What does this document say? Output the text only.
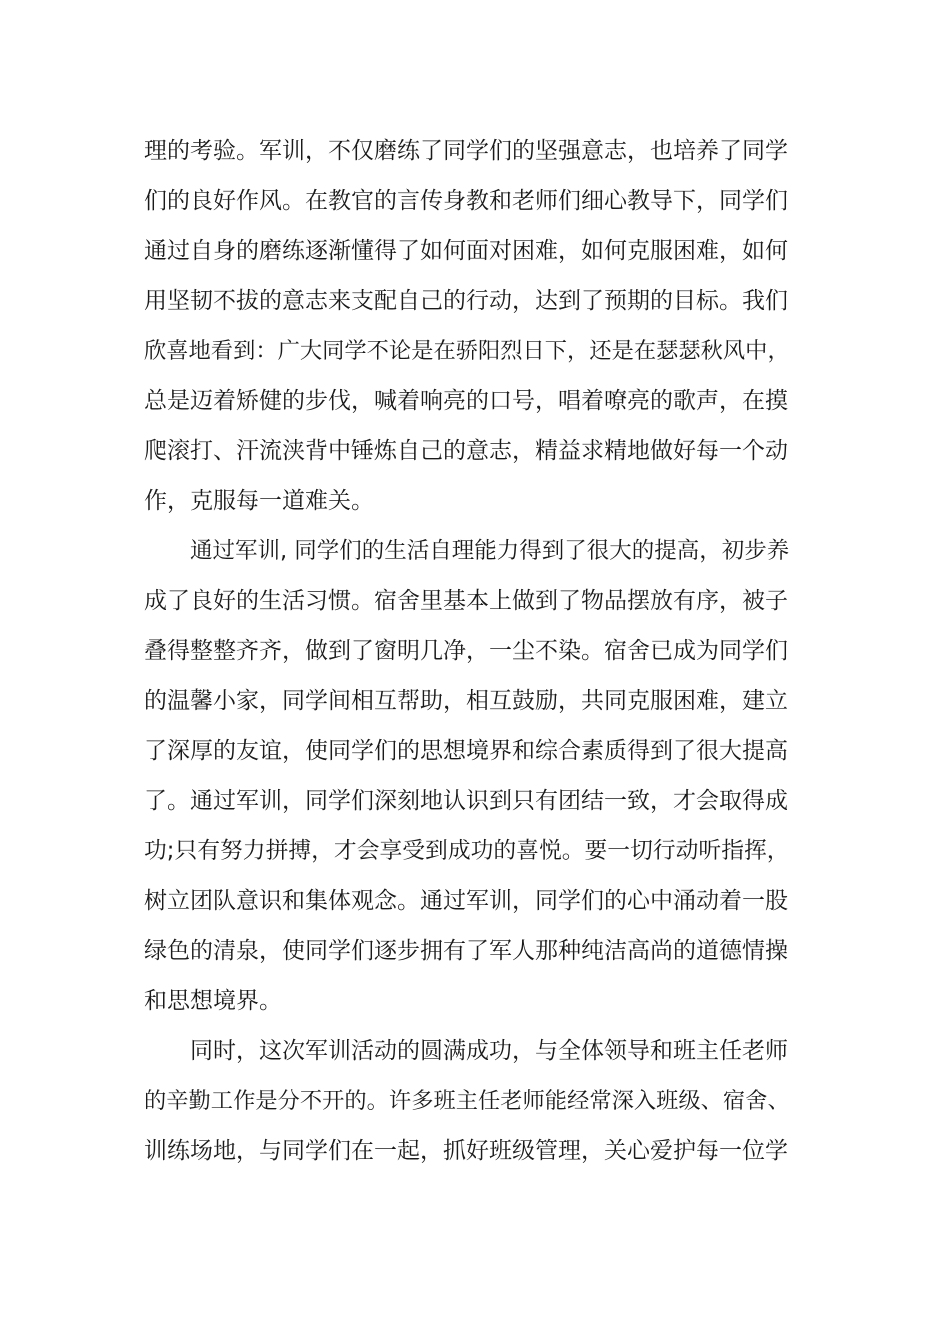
理的考验。军训，不仅磨练了同学们的坚强意志，也培养了同学
们的良好作风。在教官的言传身教和老师们细心教导下，同学们
通过自身的磨练逐渐懂得了如何面对困难，如何克服困难，如何
用坚韧不拔的意志来支配自己的行动，达到了预期的目标。我们
欣喜地看到：广大同学不论是在骄阳烈日下，还是在瑟瑟秋风中，
总是迈着矫健的步伐，喊着响亮的口号，唱着嘹亮的歌声，在摸
爬滚打、汗流浃背中锤炼自己的意志，精益求精地做好每一个动
作，克服每一道难关。
通过军训, 同学们的生活自理能力得到了很大的提高，初步养
成了良好的生活习惯。宿舍里基本上做到了物品摆放有序，被子
叠得整整齐齐，做到了窗明几净，一尘不染。宿舍已成为同学们
的温馨小家，同学间相互帮助，相互鼓励，共同克服困难，建立
了深厚的友谊，使同学们的思想境界和综合素质得到了很大提高
了。通过军训，同学们深刻地认识到只有团结一致，才会取得成
功;只有努力拼搏，才会享受到成功的喜悦。要一切行动听指挥，
树立团队意识和集体观念。通过军训，同学们的心中涌动着一股
绿色的清泉，使同学们逐步拥有了军人那种纯洁高尚的道德情操
和思想境界。
同时，这次军训活动的圆满成功，与全体领导和班主任老师
的辛勤工作是分不开的。许多班主任老师能经常深入班级、宿舍、
训练场地，与同学们在一起，抓好班级管理，关心爱护每一位学
